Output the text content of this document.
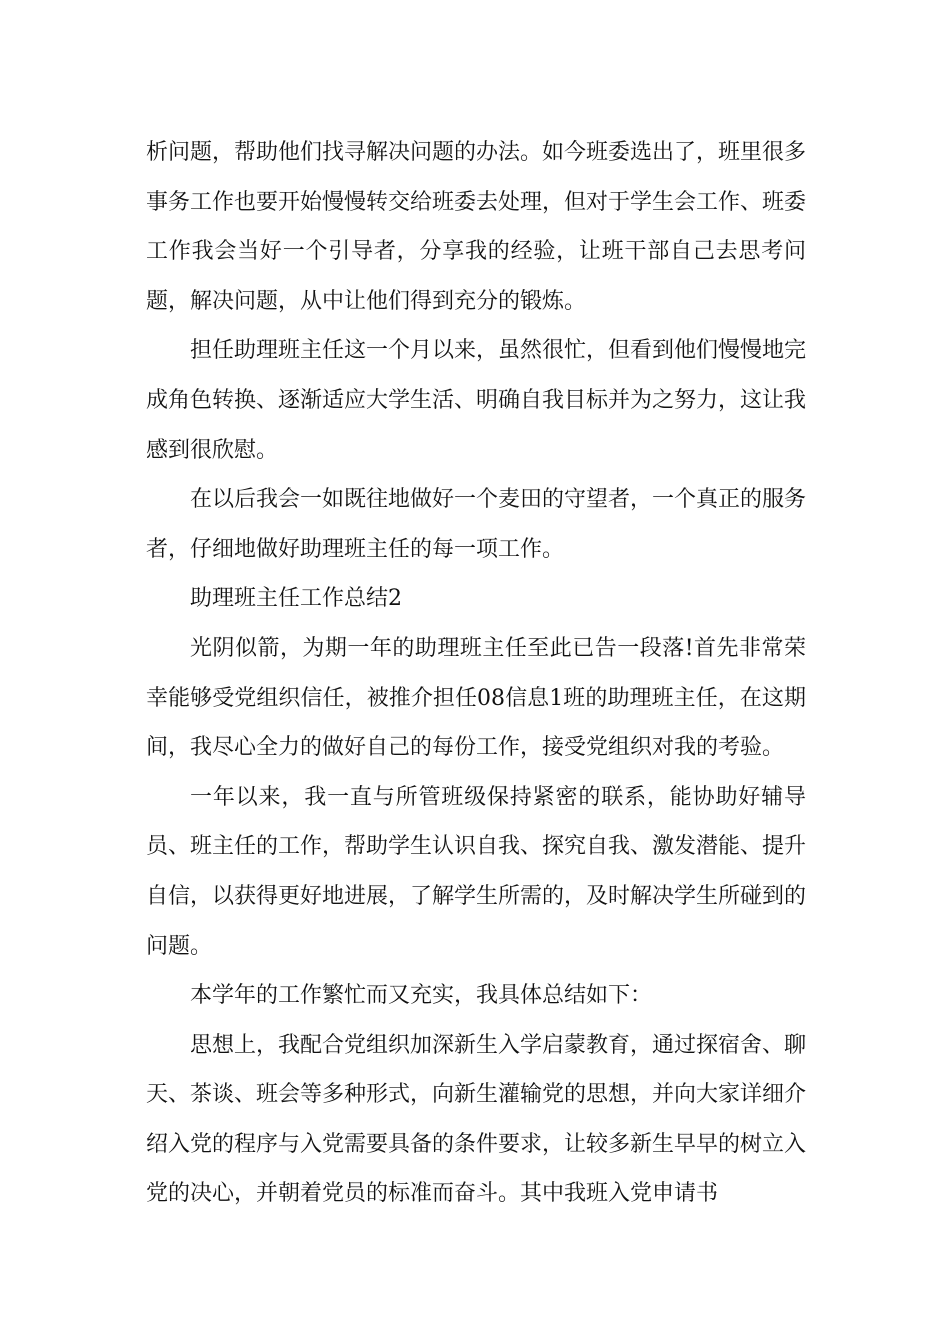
析问题，帮助他们找寻解决问题的办法。如今班委选出了，班里很多事务工作也要开始慢慢转交给班委去处理，但对于学生会工作、班委工作我会当好一个引导者，分享我的经验，让班干部自己去思考问题，解决问题，从中让他们得到充分的锻炼。

担任助理班主任这一个月以来，虽然很忙，但看到他们慢慢地完成角色转换、逐渐适应大学生活、明确自我目标并为之努力，这让我感到很欣慰。

在以后我会一如既往地做好一个麦田的守望者，一个真正的服务者，仔细地做好助理班主任的每一项工作。

助理班主任工作总结2

光阴似箭，为期一年的助理班主任至此已告一段落!首先非常荣幸能够受党组织信任，被推介担任08信息1班的助理班主任，在这期间，我尽心全力的做好自己的每份工作，接受党组织对我的考验。

一年以来，我一直与所管班级保持紧密的联系，能协助好辅导员、班主任的工作，帮助学生认识自我、探究自我、激发潜能、提升自信，以获得更好地进展，了解学生所需的，及时解决学生所碰到的问题。

本学年的工作繁忙而又充实，我具体总结如下：

思想上，我配合党组织加深新生入学启蒙教育，通过探宿舍、聊天、茶谈、班会等多种形式，向新生灌输党的思想，并向大家详细介绍入党的程序与入党需要具备的条件要求，让较多新生早早的树立入党的决心，并朝着党员的标准而奋斗。其中我班入党申请书
